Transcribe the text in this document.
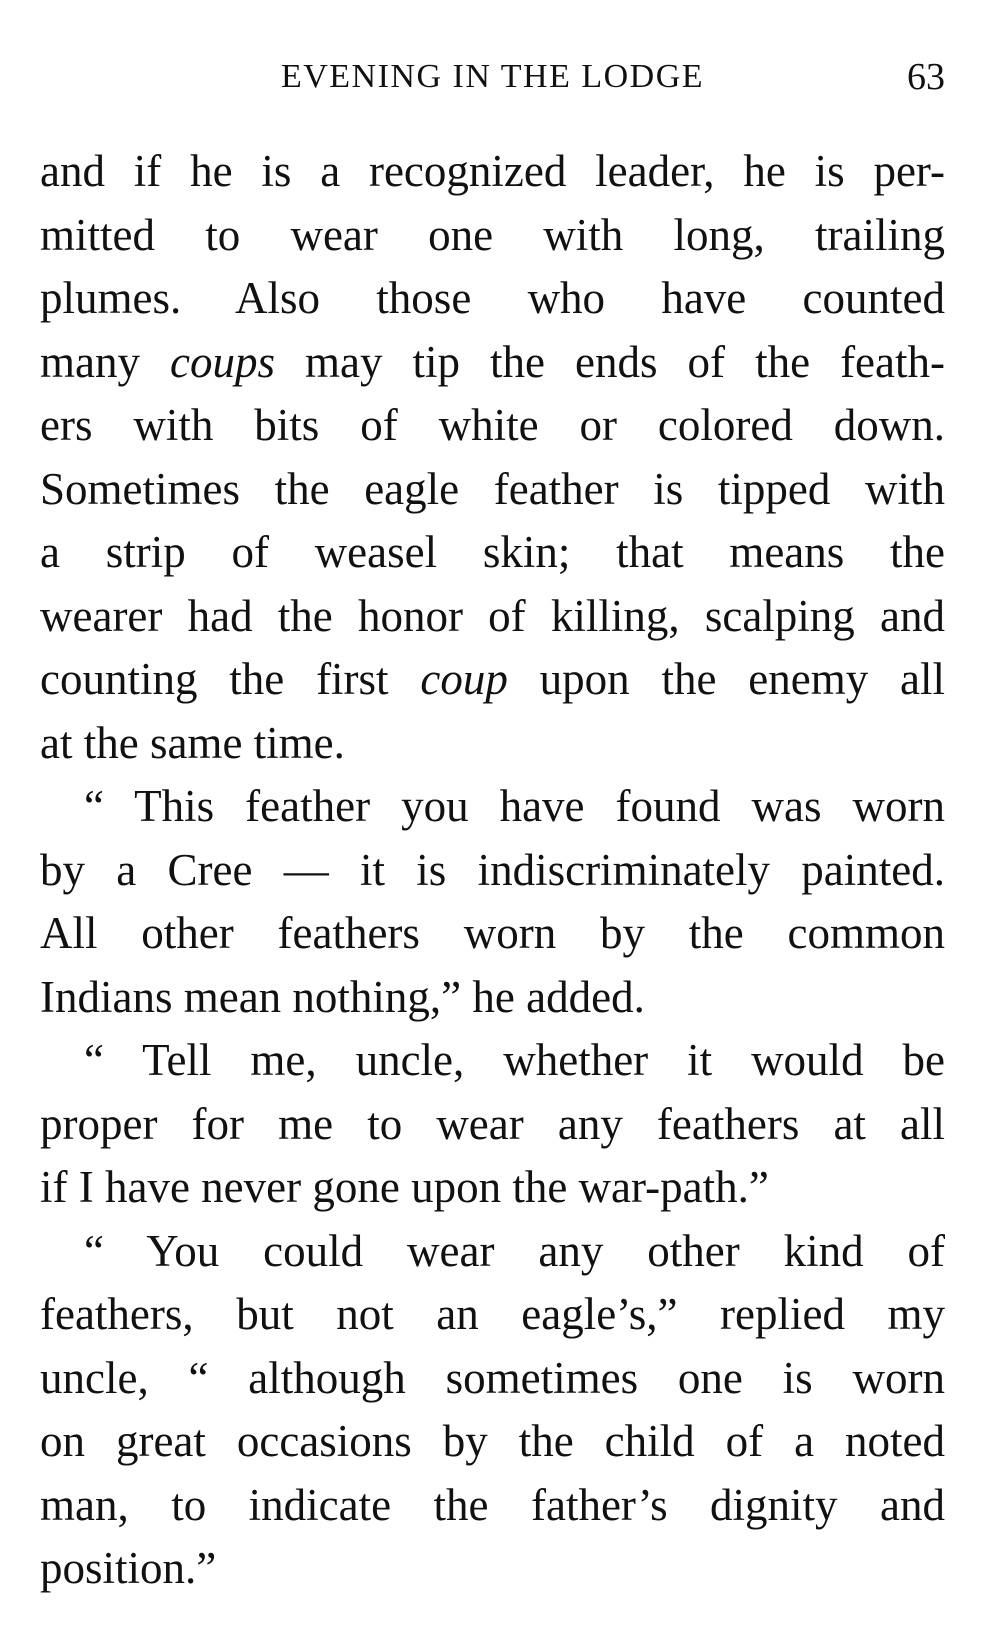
EVENING IN THE LODGE	63
and if he is a recognized leader, he is per-
mitted to wear one with long, trailing
plumes. Also those who have counted
many coups may tip the ends of the feath-
ers with bits of white or colored down.
Sometimes the eagle feather is tipped with
a strip of weasel skin; that means the
wearer had the honor of killing, scalping and
counting the first coup upon the enemy all
at the same time.
“ This feather you have found was worn
by a Cree — it is indiscriminately painted.
All other feathers worn by the common
Indians mean nothing,” he added.
“ Tell me, uncle, whether it would be
proper for me to wear any feathers at all
if I have never gone upon the war-path.”
“ You could wear any other kind of
feathers, but not an eagle’s,” replied my
uncle, “ although sometimes one is worn
on great occasions by the child of a noted
man, to indicate the father’s dignity and
position.”
